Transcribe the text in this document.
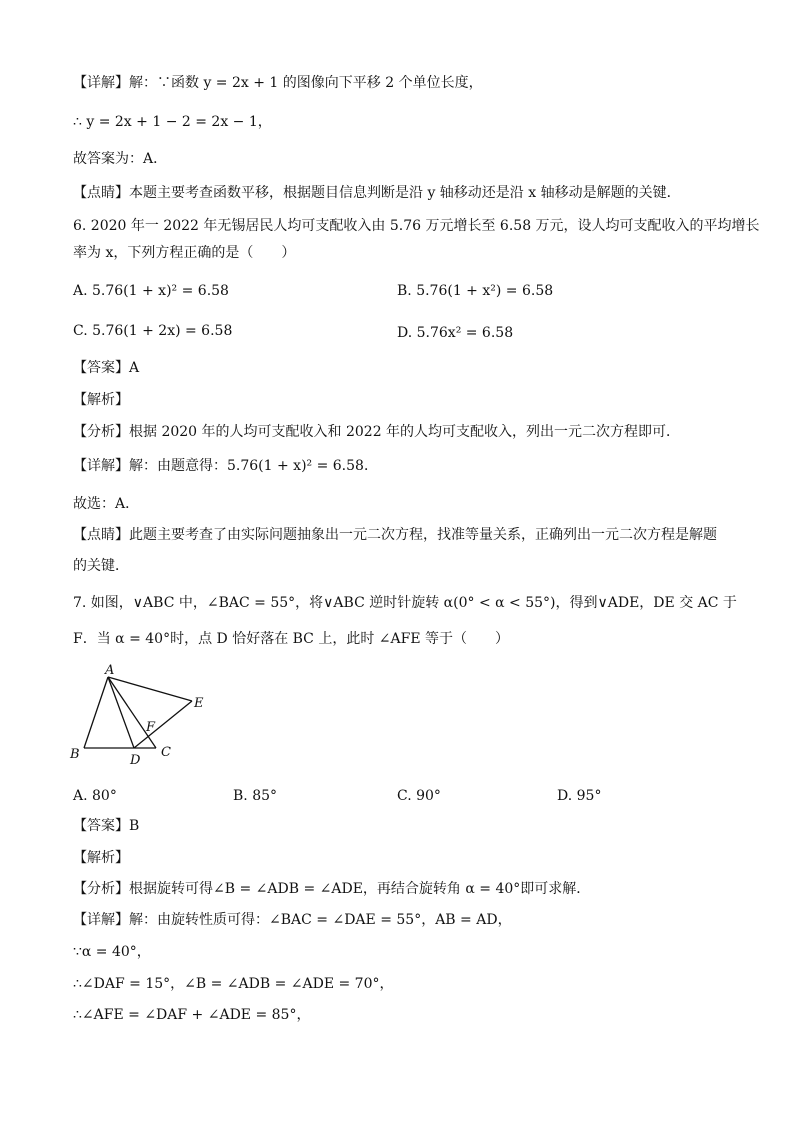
【详解】解：∵函数 y = 2x + 1 的图像向下平移 2 个单位长度，
∴ y = 2x + 1 − 2 = 2x − 1，
故答案为：A．
【点睛】本题主要考查函数平移，根据题目信息判断是沿 y 轴移动还是沿 x 轴移动是解题的关键．
6. 2020 年一 2022 年无锡居民人均可支配收入由 5.76 万元增长至 6.58 万元，设人均可支配收入的平均增长
率为 x，下列方程正确的是（　　）
A. 5.76(1 + x)² = 6.58	B. 5.76(1 + x²) = 6.58
C. 5.76(1 + 2x) = 6.58	D. 5.76x² = 6.58
【答案】A
【解析】
【分析】根据 2020 年的人均可支配收入和 2022 年的人均可支配收入，列出一元二次方程即可．
【详解】解：由题意得：5.76(1 + x)² = 6.58．
故选：A．
【点睛】此题主要考查了由实际问题抽象出一元二次方程，找准等量关系，正确列出一元二次方程是解题
的关键．
7. 如图，∨ABC 中，∠BAC = 55°，将∨ABC 逆时针旋转 α(0° < α < 55°)，得到∨ADE，DE 交 AC 于
F．当 α = 40°时，点 D 恰好落在 BC 上，此时 ∠AFE 等于（　　）
A
B	C
D
E
F
A. 80°	B. 85°	C. 90°	D. 95°
【答案】B
【解析】
【分析】根据旋转可得∠B = ∠ADB = ∠ADE，再结合旋转角 α = 40°即可求解．
【详解】解：由旋转性质可得：∠BAC = ∠DAE = 55°，AB = AD，
∵α = 40°，
∴∠DAF = 15°，∠B = ∠ADB = ∠ADE = 70°，
∴∠AFE = ∠DAF + ∠ADE = 85°，
